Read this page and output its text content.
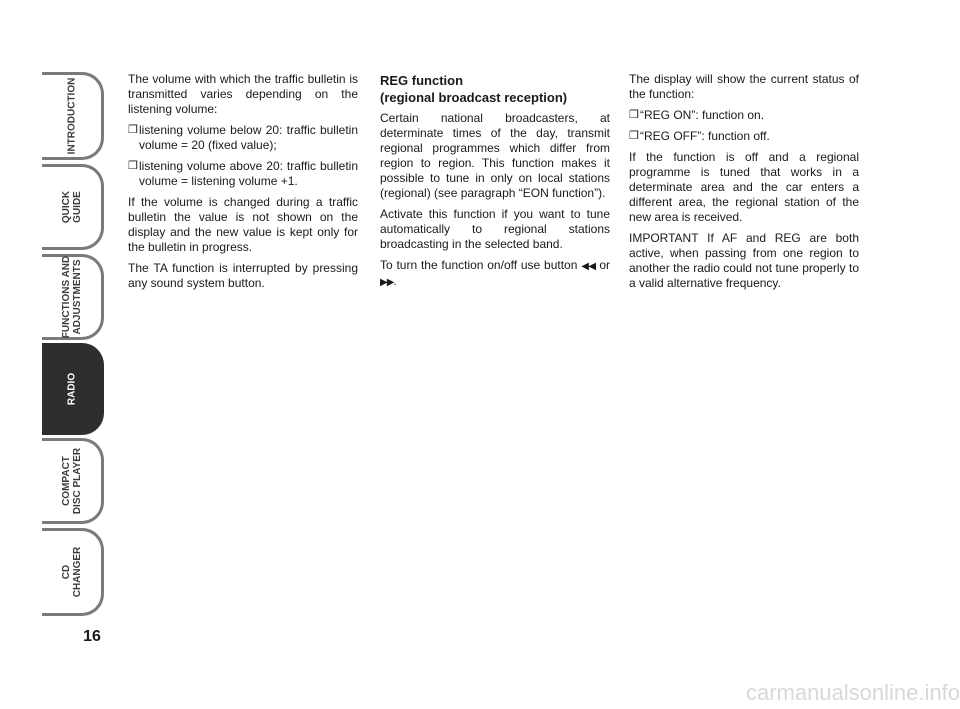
INTRODUCTION
QUICK
GUIDE
FUNCTIONS AND
ADJUSTMENTS
RADIO
COMPACT
DISC PLAYER
CD
CHANGER
16

The volume with which the traffic bulletin is transmitted varies depending on the listening volume:

❒ listening volume below 20: traffic bulletin volume = 20 (fixed value);
❒ listening volume above 20: traffic bulletin volume = listening volume +1.

If the volume is changed during a traffic bulletin the value is not shown on the display and the new value is kept only for the bulletin in progress.

The TA function is interrupted by pressing any sound system button.

REG function

(regional broadcast reception)

Certain national broadcasters, at determinate times of the day, transmit regional programmes which differ from region to region. This function makes it possible to tune in only on local stations (regional) (see paragraph “EON function”).

Activate this function if you want to tune automatically to regional stations broadcasting in the selected band.

To turn the function on/off use button ◀◀ or ▶▶.

The display will show the current status of the function:

❒ “REG ON”: function on.
❒ “REG OFF”: function off.

If the function is off and a regional programme is tuned that works in a determinate area and the car enters a different area, the regional station of the new area is received.

IMPORTANT If AF and REG are both active, when passing from one region to another the radio could not tune properly to a valid alternative frequency.

carmanualsonline.info
